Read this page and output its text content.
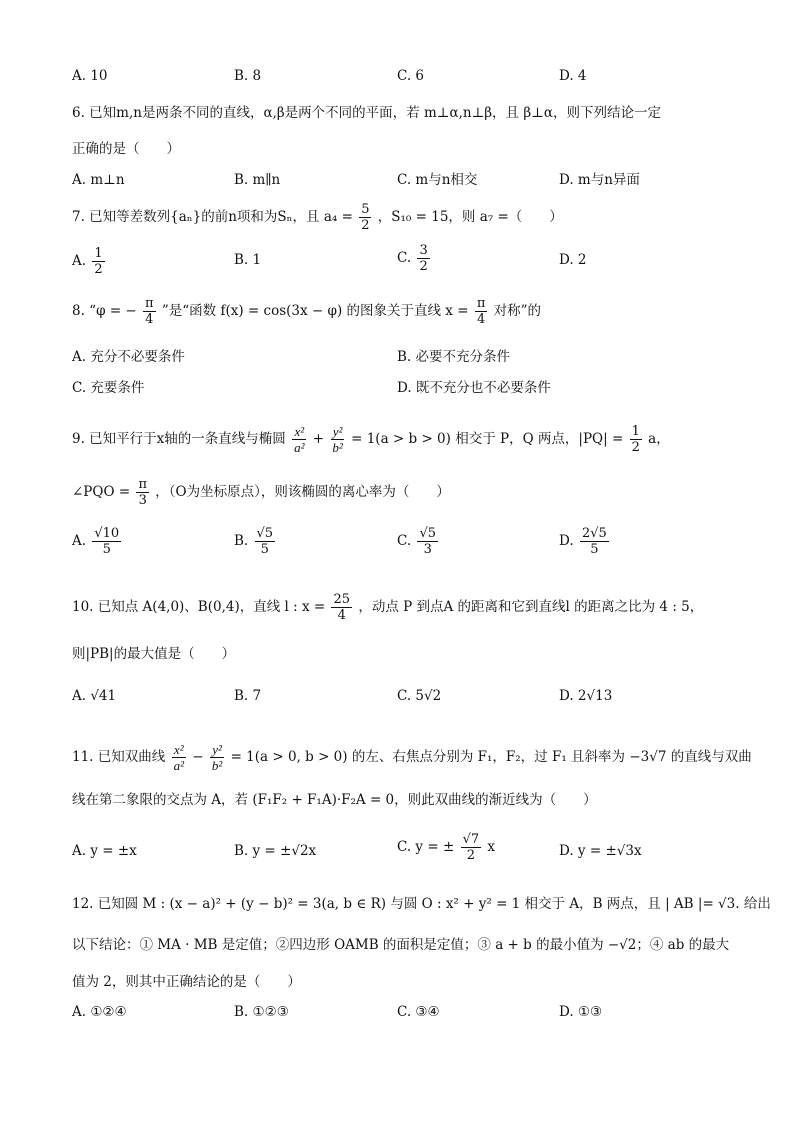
A. 10	B. 8	C. 6	D. 4
6. 已知m,n是两条不同的直线，α,β是两个不同的平面，若 m⊥α,n⊥β，且 β⊥α，则下列结论一定
正确的是（　　）
A. m⊥n	B. m∥n	C. m与n相交	D. m与n异面
7. 已知等差数列{aₙ}的前n项和为Sₙ，且 $a_4 = \frac{5}{2}$ ，S₁₀ = 15，则 a₇ =（　　）
A. $\frac{1}{2}$	B. 1	C. $\frac{3}{2}$	D. 2
8. “φ = − $\frac{\pi}{4}$ ”是“函数 f(x) = cos(3x − φ) 的图象关于直线 $x = \frac{\pi}{4}$ 对称”的
A. 充分不必要条件	B. 必要不充分条件
C. 充要条件	D. 既不充分也不必要条件
9. 已知平行于x轴的一条直线与椭圆 $\frac{\text{x²}}{\text{a²}} + \frac{\text{y²}}{\text{b²}} = 1(a > b > 0)$ 相交于 P，Q 两点，$|PQ| = \frac{1}{2}$ a，
∠PQO = $\frac{\pi}{3}$ ，（O为坐标原点），则该椭圆的离心率为（　　）
A. $\frac{√10}{5}$	B. $\frac{√5}{5}$	C. $\frac{√5}{3}$	D. $\frac{2√5}{5}$
10. 已知点 A(4,0)、B(0,4)，直线 l : $x = \frac{25}{4}$ ，动点 P 到点A 的距离和它到直线l 的距离之比为 4 : 5，
则|PB|的最大值是（　　）
A. √41	B. 7	C. 5√2	D. 2√13
11. 已知双曲线 $\frac{\text{x²}}{\text{a²}} - \frac{\text{y²}}{\text{b²}} = 1(a > 0$, b > 0) 的左、右焦点分别为 F₁，F₂，过 F₁ 且斜率为 −3√7 的直线与双曲
线在第二象限的交点为 A，若 (F₁F₂ + F₁A)·F₂A = 0，则此双曲线的渐近线为（　　）
A. y = ±x	B. y = ±√2x	C. y = ± $\frac{√7}{2}$ x	D. y = ±√3x
12. 已知圆 M : (x − a)² + (y − b)² = 3(a, b ∈ R) 与圆 O : x² + y² = 1 相交于 A，B 两点，且 | AB |= √3. 给出
以下结论：① MA · MB 是定值；②四边形 OAMB 的面积是定值；③ a + b 的最小值为 −√2；④ ab 的最大
值为 2，则其中正确结论的是（　　）
A. ①②④	B. ①②③	C. ③④	D. ①③
